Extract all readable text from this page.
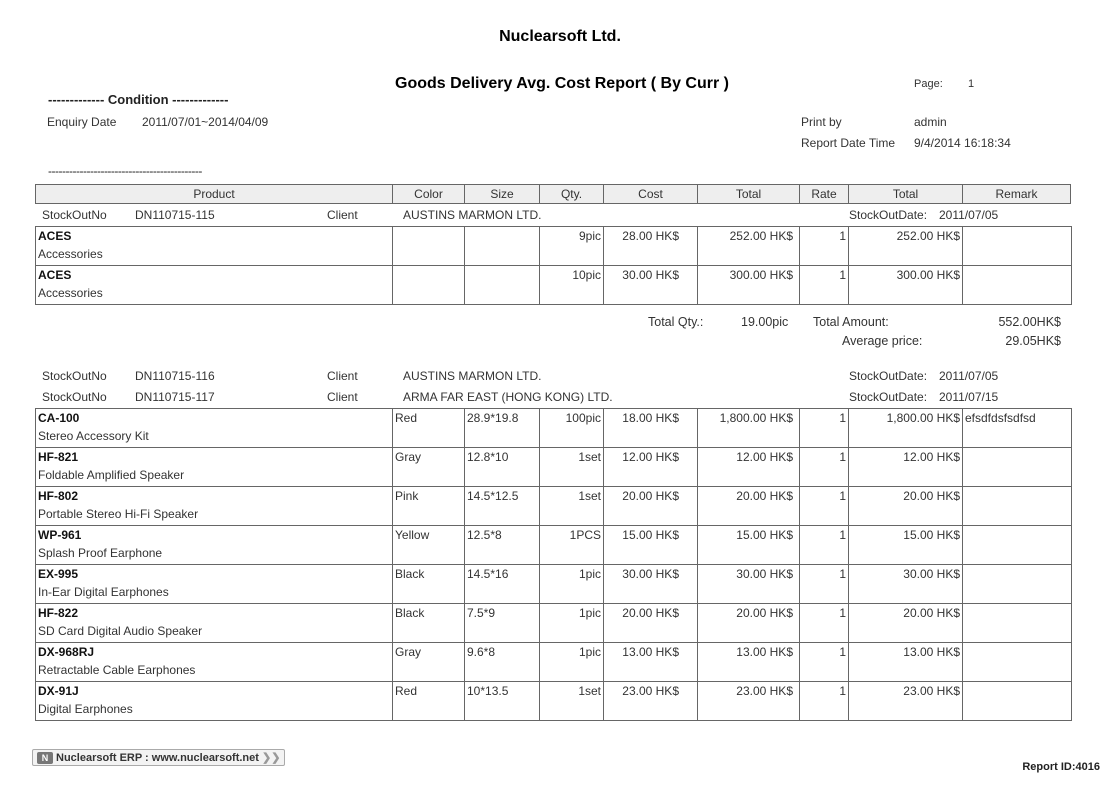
Nuclearsoft Ltd.
Goods Delivery Avg. Cost Report ( By Curr )	Page: 1
------------- Condition -------------
Enquiry Date 2011/07/01~2014/04/09	Print by	admin
Report Date Time 9/4/2014 16:18:34
--------------------------------------------
Product	Color	Size	Qty.	Cost	Total	Rate	Total	Remark
StockOutNo DN110715-115	Client	AUSTINS MARMON LTD.	StockOutDate: 2011/07/05
ACES
Accessories			9pic	28.00 HK$	252.00 HK$	1	252.00 HK$	

ACES
Accessories			10pic	30.00 HK$	300.00 HK$	1	300.00 HK$	
Total Qty.:	19.00pic Total Amount:	552.00HK$
Average price:	29.05HK$
StockOutNo DN110715-116	Client	AUSTINS MARMON LTD.	StockOutDate: 2011/07/05
StockOutNo DN110715-117	Client	ARMA FAR EAST (HONG KONG) LTD.	StockOutDate: 2011/07/15
CA-100
Stereo Accessory Kit	Red	28.9*19.8	100pic	18.00 HK$	1,800.00 HK$	1	1,800.00 HK$	efsdfdsfsdfsd

HF-821
Foldable Amplified Speaker	Gray	12.8*10	1set	12.00 HK$	12.00 HK$	1	12.00 HK$	

HF-802
Portable Stereo Hi-Fi Speaker	Pink	14.5*12.5	1set	20.00 HK$	20.00 HK$	1	20.00 HK$	

WP-961
Splash Proof Earphone	Yellow	12.5*8	1PCS	15.00 HK$	15.00 HK$	1	15.00 HK$	

EX-995
In-Ear Digital Earphones	Black	14.5*16	1pic	30.00 HK$	30.00 HK$	1	30.00 HK$	

HF-822
SD Card Digital Audio Speaker	Black	7.5*9	1pic	20.00 HK$	20.00 HK$	1	20.00 HK$	

DX-968RJ
Retractable Cable Earphones	Gray	9.6*8	1pic	13.00 HK$	13.00 HK$	1	13.00 HK$	

DX-91J
Digital Earphones	Red	10*13.5	1set	23.00 HK$	23.00 HK$	1	23.00 HK$	
N Nuclearsoft ERP : www.nuclearsoft.net ❯❯
Report ID:4016
